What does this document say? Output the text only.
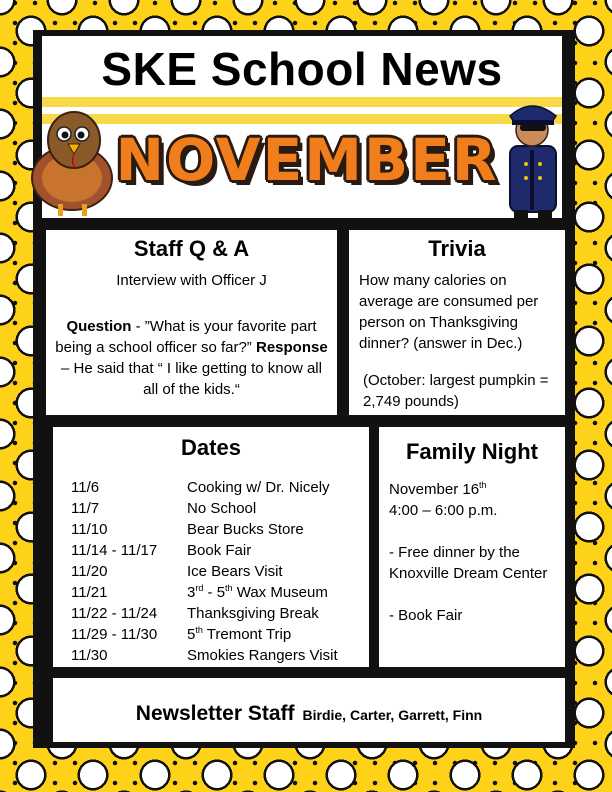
SKE School News
NOVEMBER
Staff Q & A
Interview with Officer J
Question - ”What is your favorite part being a school officer so far?” Response – He said that “ I like getting to know all all of the kids.“
Trivia
How many calories on average are consumed per person on Thanksgiving dinner? (answer in Dec.)
(October: largest pumpkin = 2,749 pounds)
Dates
11/6	Cooking w/ Dr. Nicely
11/7	No School
11/10	Bear Bucks Store
11/14 - 11/17	Book Fair
11/20	Ice Bears Visit
11/21	3rd - 5th Wax Museum
11/22 - 11/24	Thanksgiving Break
11/29 - 11/30	5th Tremont Trip
11/30	Smokies Rangers Visit
Family Night
November 16th
4:00 – 6:00 p.m.
- Free dinner by the Knoxville Dream Center
- Book Fair
Newsletter Staff Birdie, Carter, Garrett, Finn
